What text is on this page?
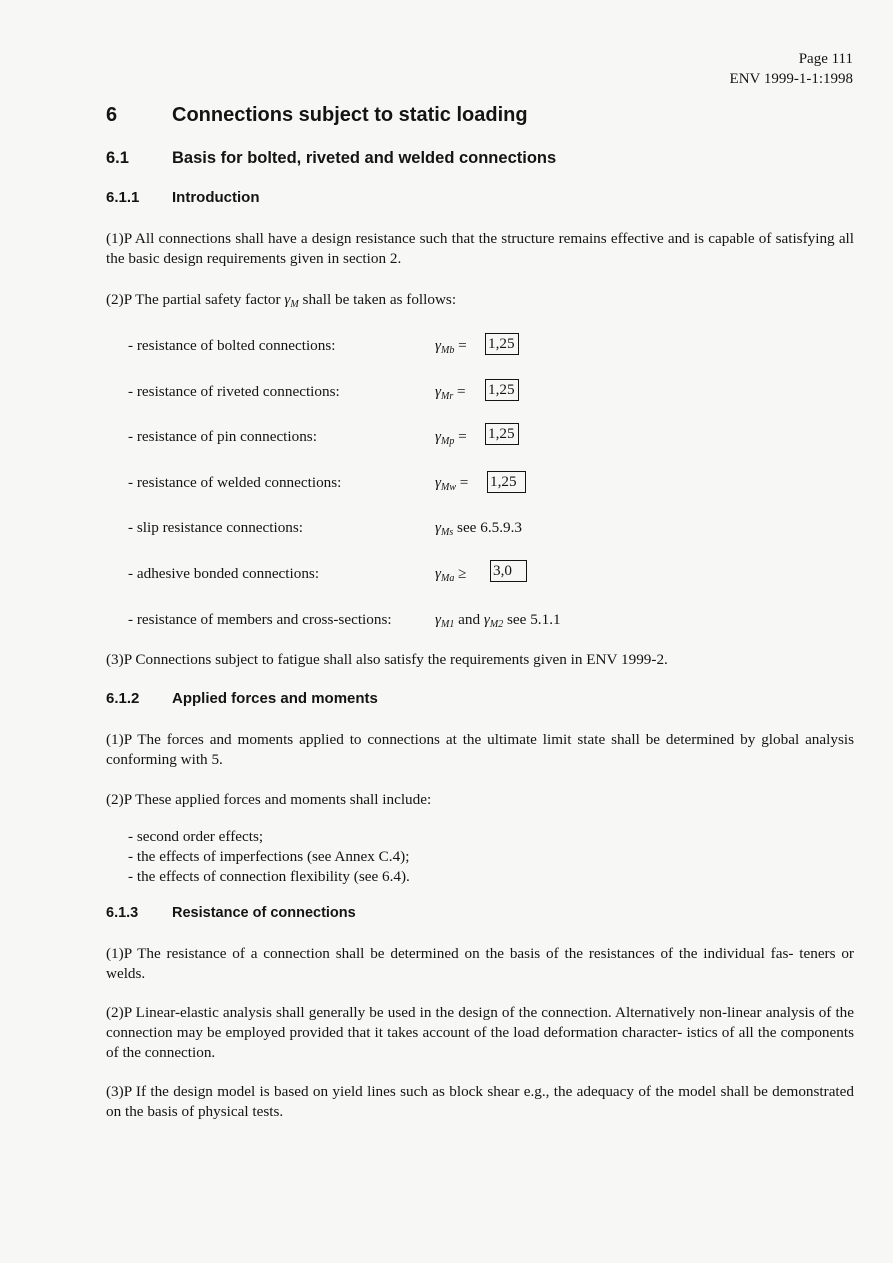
Page 111
ENV 1999-1-1:1998
6	Connections subject to static loading
6.1	Basis for bolted, riveted and welded connections
6.1.1 Introduction
(1)P All connections shall have a design resistance such that the structure remains effective and is capable of satisfying all the basic design requirements given in section 2.
(2)P The partial safety factor $\gamma_M$ shall be taken as follows:
- resistance of bolted connections:	$\gamma_{Mb} = 1,25$
- resistance of riveted connections:	$\gamma_{Mr} = 1,25$
- resistance of pin connections:	$\gamma_{Mp} = 1,25$
- resistance of welded connections:	$\gamma_{Mw} = 1,25$
- slip resistance connections:	$\gamma_{Ms}$ see 6.5.9.3
- adhesive bonded connections:	$\gamma_{Ma} \ge 3,0$
- resistance of members and cross-sections:	$\gamma_{M1}$ and $\gamma_{M2}$ see 5.1.1
(3)P Connections subject to fatigue shall also satisfy the requirements given in ENV 1999-2.
6.1.2 Applied forces and moments
(1)P The forces and moments applied to connections at the ultimate limit state shall be determined by global analysis conforming with 5.
(2)P These applied forces and moments shall include:
- second order effects;
- the effects of imperfections (see Annex C.4);
- the effects of connection flexibility (see 6.4).
6.1.3 Resistance of connections
(1)P The resistance of a connection shall be determined on the basis of the resistances of the individual fas- teners or welds.
(2)P Linear-elastic analysis shall generally be used in the design of the connection. Alternatively non-linear analysis of the connection may be employed provided that it takes account of the load deformation character- istics of all the components of the connection.
(3)P If the design model is based on yield lines such as block shear e.g., the adequacy of the model shall be demonstrated on the basis of physical tests.
